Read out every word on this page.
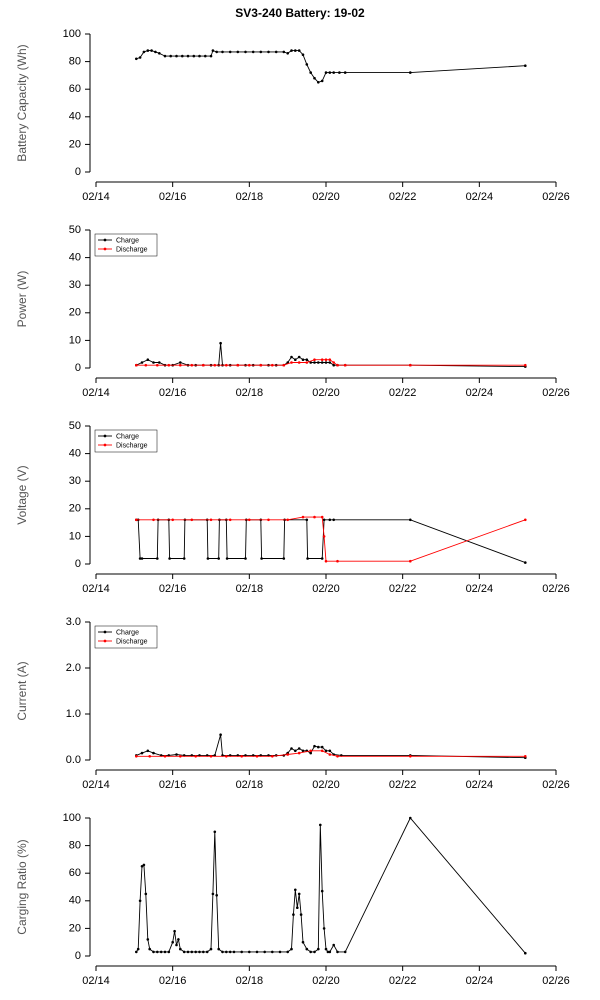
SV3-240 Battery: 19-02
0
20
40
60
80
100
02/14	02/16	02/18	02/20	02/22	02/24	02/26
Battery Capacity (Wh)
0
10
20
30
40
50
02/14	02/16	02/18	02/20	02/22	02/24	02/26
Power (W)
Charge
Discharge
0
10
20
30
40
50
02/14	02/16	02/18	02/20	02/22	02/24	02/26
Voltage (V)
Charge
Discharge
0.0
1.0
2.0
3.0
02/14	02/16	02/18	02/20	02/22	02/24	02/26
Current (A)
Charge
Discharge
0
20
40
60
80
100
02/14	02/16	02/18	02/20	02/22	02/24	02/26
Carging Ratio (%)
